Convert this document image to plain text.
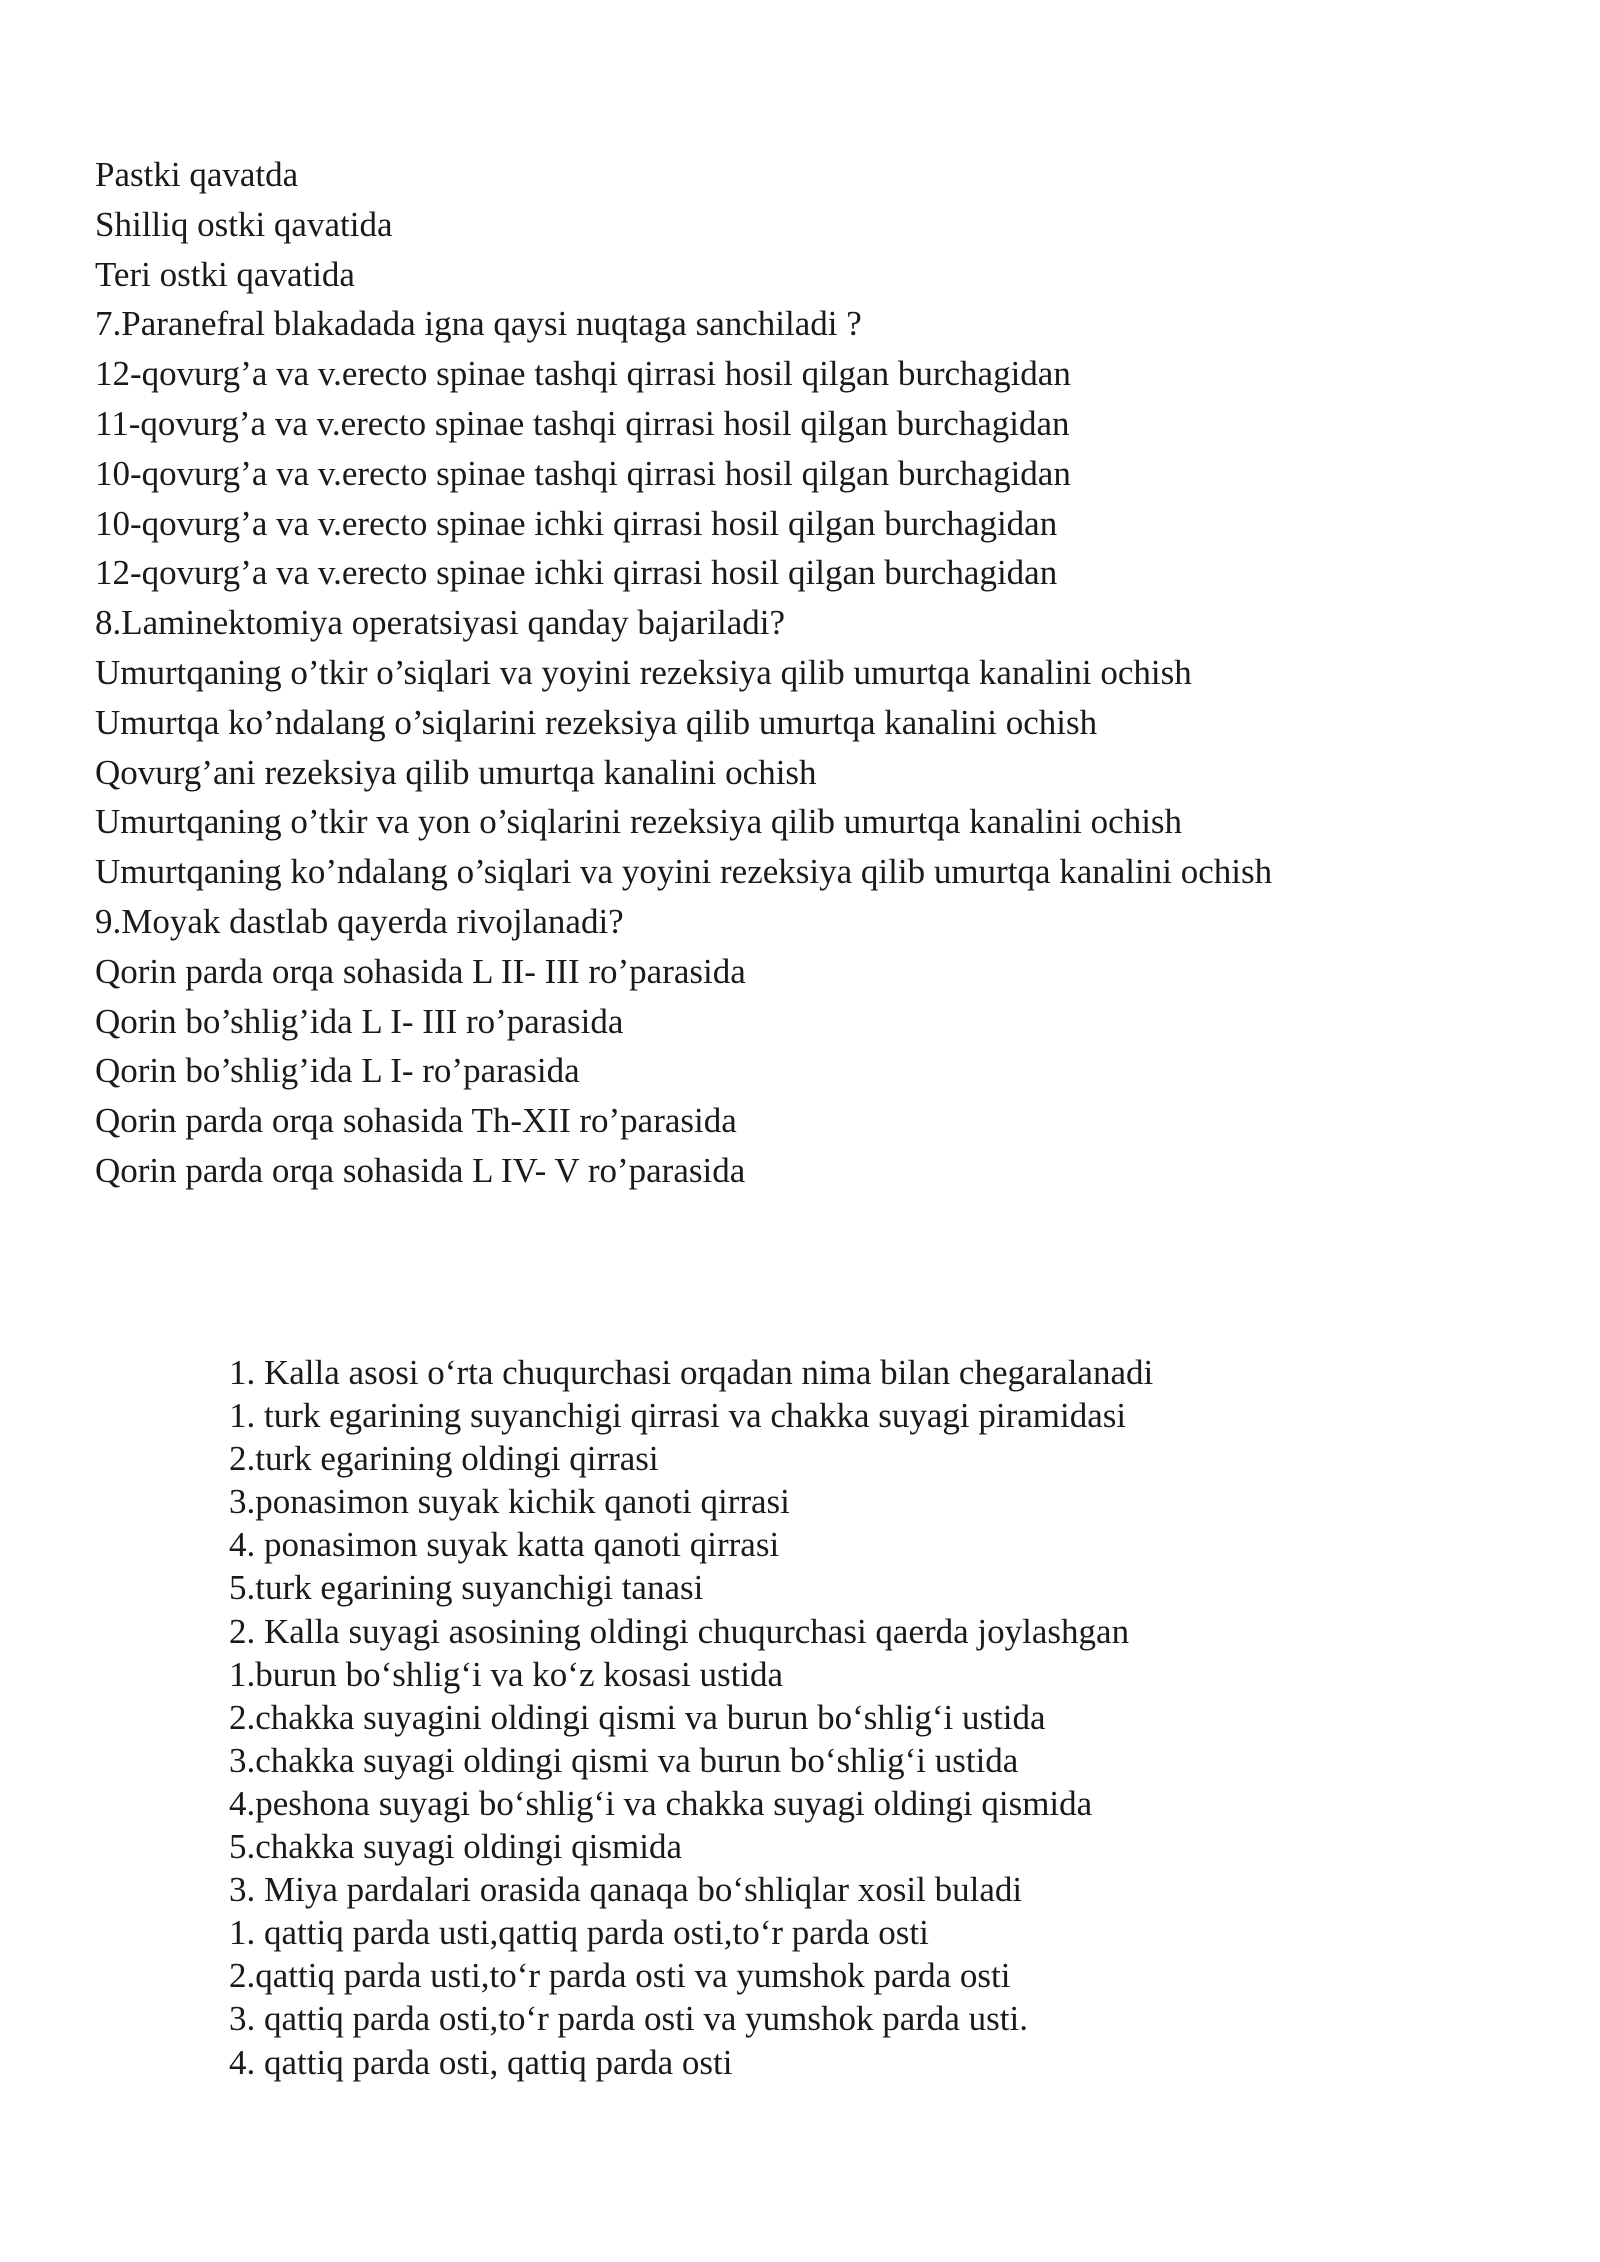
Pastki qavatda
Shilliq ostki qavatida
Teri ostki qavatida
7.Paranefral blakadada igna qaysi nuqtaga sanchiladi ?
12-qovurg’a va v.erecto spinae tashqi qirrasi hosil qilgan burchagidan
11-qovurg’a va v.erecto spinae tashqi qirrasi hosil qilgan burchagidan
10-qovurg’a va v.erecto spinae tashqi qirrasi hosil qilgan burchagidan
10-qovurg’a va v.erecto spinae ichki qirrasi hosil qilgan burchagidan
12-qovurg’a va v.erecto spinae ichki qirrasi hosil qilgan burchagidan
8.Laminektomiya operatsiyasi qanday bajariladi?
Umurtqaning o’tkir o’siqlari va yoyini rezeksiya qilib umurtqa kanalini ochish
Umurtqa ko’ndalang o’siqlarini rezeksiya qilib umurtqa kanalini ochish
Qovurg’ani rezeksiya qilib umurtqa kanalini ochish
Umurtqaning o’tkir va yon o’siqlarini rezeksiya qilib umurtqa kanalini ochish
Umurtqaning ko’ndalang o’siqlari va yoyini rezeksiya qilib umurtqa kanalini ochish
9.Moyak dastlab qayerda rivojlanadi?
Qorin parda orqa sohasida L II- III ro’parasida
Qorin bo’shlig’ida L I- III ro’parasida
Qorin bo’shlig’ida L I- ro’parasida
Qorin parda orqa sohasida Th-XII ro’parasida
Qorin parda orqa sohasida L IV- V ro’parasida
1. Kalla asosi o‘rta chuqurchasi orqadan nima bilan chegaralanadi
1. turk egarining suyanchigi qirrasi va chakka suyagi piramidasi
2.turk egarining oldingi qirrasi
3.ponasimon suyak kichik qanoti qirrasi
4. ponasimon suyak katta qanoti qirrasi
5.turk egarining suyanchigi tanasi
2. Kalla suyagi asosining oldingi chuqurchasi qaerda joylashgan
1.burun bo‘shlig‘i va ko‘z kosasi ustida
2.chakka suyagini oldingi qismi va burun bo‘shlig‘i ustida
3.chakka suyagi oldingi qismi va burun bo‘shlig‘i ustida
4.peshona suyagi bo‘shlig‘i va chakka suyagi oldingi qismida
5.chakka suyagi oldingi qismida
3. Miya pardalari orasida qanaqa bo‘shliqlar xosil buladi
1. qattiq parda usti,qattiq parda osti,to‘r parda osti
2.qattiq parda usti,to‘r parda osti va yumshok parda osti
3. qattiq parda osti,to‘r parda osti va yumshok parda usti.
4. qattiq parda osti, qattiq parda osti
